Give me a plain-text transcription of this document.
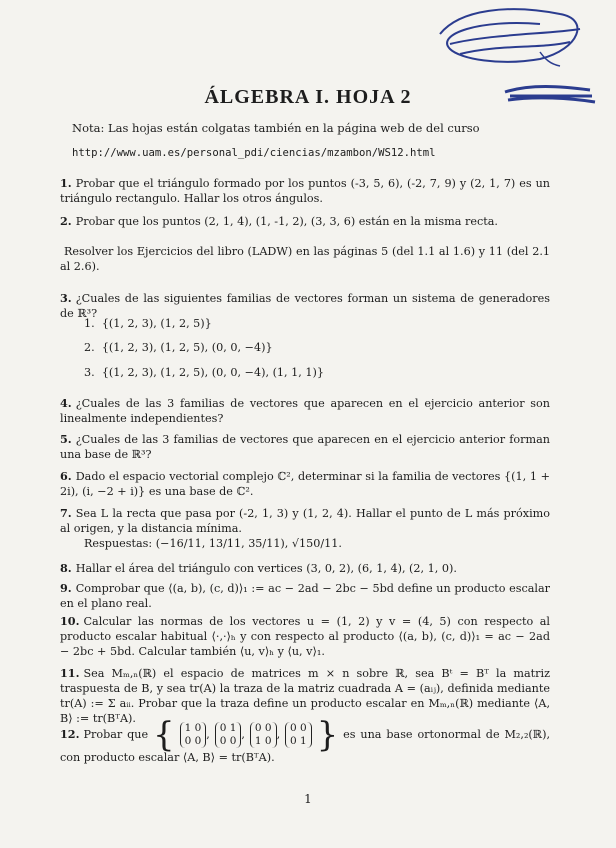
ÁLGEBRA I. HOJA 2
Nota: Las hojas están colgatas también en la página web de del curso
http://www.uam.es/personal_pdi/ciencias/mzambon/WS12.html
1. Probar que el triángulo formado por los puntos (-3, 5, 6), (-2, 7, 9) y (2, 1, 7) es un triángulo rectangulo. Hallar los otros ángulos.
2. Probar que los puntos (2, 1, 4), (1, -1, 2), (3, 3, 6) están en la misma recta.
Resolver los Ejercicios del libro (LADW) en las páginas 5 (del 1.1 al 1.6) y 11 (del 2.1 al 2.6).
3. ¿Cuales de las siguientes familias de vectores forman un sistema de generadores de ℝ³?
1. {(1, 2, 3), (1, 2, 5)}
2. {(1, 2, 3), (1, 2, 5), (0, 0, −4)}
3. {(1, 2, 3), (1, 2, 5), (0, 0, −4), (1, 1, 1)}
4. ¿Cuales de las 3 familias de vectores que aparecen en el ejercicio anterior son linealmente independientes?
5. ¿Cuales de las 3 familias de vectores que aparecen en el ejercicio anterior forman una base de ℝ³?
6. Dado el espacio vectorial complejo ℂ², determinar si la familia de vectores {(1, 1 + 2i), (i, −2 + i)} es una base de ℂ².
7. Sea L la recta que pasa por (-2, 1, 3) y (1, 2, 4). Hallar el punto de L más próximo al origen, y la distancia mínima.
Respuestas: (−16/11, 13/11, 35/11), √150/11.
8. Hallar el área del triángulo con vertices (3, 0, 2), (6, 1, 4), (2, 1, 0).
9. Comprobar que ⟨(a, b), (c, d)⟩₁ := ac − 2ad − 2bc − 5bd define un producto escalar en el plano real.
10. Calcular las normas de los vectores u = (1, 2) y v = (4, 5) con respecto al producto escalar habitual ⟨·,·⟩ₕ y con respecto al producto ⟨(a, b), (c, d)⟩₁ = ac − 2ad − 2bc + 5bd. Calcular también ⟨u, v⟩ₕ y ⟨u, v⟩₁.
11. Sea Mₘ,ₙ(ℝ) el espacio de matrices m × n sobre ℝ, sea Bᵗ = Bᵀ la matriz traspuesta de B, y sea tr(A) la traza de la matriz cuadrada A = (aᵢⱼ), definida mediante tr(A) := Σ aᵢᵢ. Probar que la traza define un producto escalar en Mₘ,ₙ(ℝ) mediante ⟨A, B⟩ := tr(BᵀA).
12. Probar que { 1 0
0 0 , 0 1
0 0 , 0 0
1 0 , 0 0
0 1 } es una base ortonormal de M₂,₂(ℝ), con producto escalar ⟨A, B⟩ = tr(BᵀA).
1
